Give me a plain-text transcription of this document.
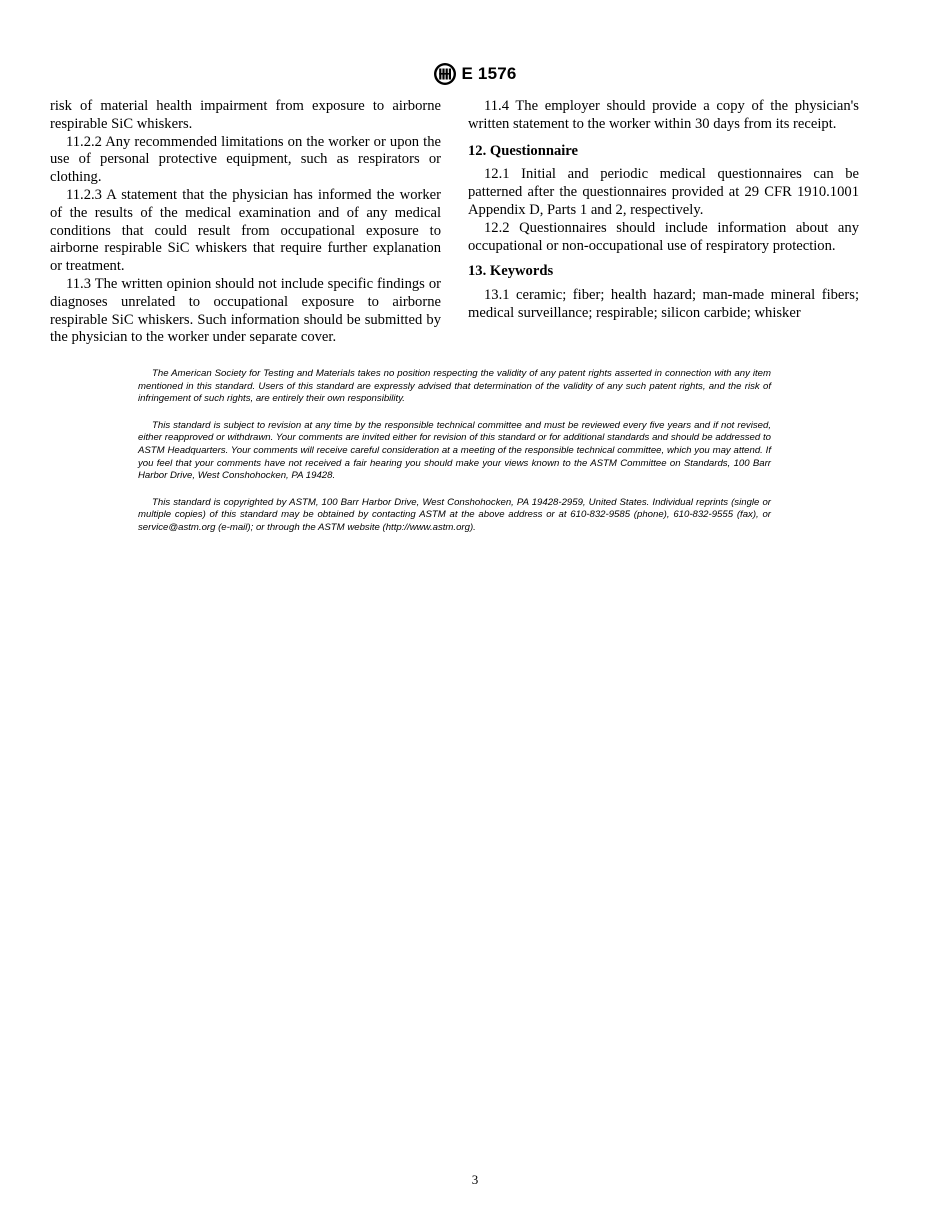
E 1576

risk of material health impairment from exposure to airborne respirable SiC whiskers.

11.2.2 Any recommended limitations on the worker or upon the use of personal protective equipment, such as respirators or clothing.

11.2.3 A statement that the physician has informed the worker of the results of the medical examination and of any medical conditions that could result from occupational exposure to airborne respirable SiC whiskers that require further explanation or treatment.

11.3 The written opinion should not include specific findings or diagnoses unrelated to occupational exposure to airborne respirable SiC whiskers. Such information should be submitted by the physician to the worker under separate cover.

11.4 The employer should provide a copy of the physician's written statement to the worker within 30 days from its receipt.

12. Questionnaire

12.1 Initial and periodic medical questionnaires can be patterned after the questionnaires provided at 29 CFR 1910.1001 Appendix D, Parts 1 and 2, respectively.

12.2 Questionnaires should include information about any occupational or non-occupational use of respiratory protection.

13. Keywords

13.1 ceramic; fiber; health hazard; man-made mineral fibers; medical surveillance; respirable; silicon carbide; whisker

The American Society for Testing and Materials takes no position respecting the validity of any patent rights asserted in connection with any item mentioned in this standard. Users of this standard are expressly advised that determination of the validity of any such patent rights, and the risk of infringement of such rights, are entirely their own responsibility.

This standard is subject to revision at any time by the responsible technical committee and must be reviewed every five years and if not revised, either reapproved or withdrawn. Your comments are invited either for revision of this standard or for additional standards and should be addressed to ASTM Headquarters. Your comments will receive careful consideration at a meeting of the responsible technical committee, which you may attend. If you feel that your comments have not received a fair hearing you should make your views known to the ASTM Committee on Standards, 100 Barr Harbor Drive, West Conshohocken, PA 19428.

This standard is copyrighted by ASTM, 100 Barr Harbor Drive, West Conshohocken, PA 19428-2959, United States. Individual reprints (single or multiple copies) of this standard may be obtained by contacting ASTM at the above address or at 610-832-9585 (phone), 610-832-9555 (fax), or service@astm.org (e-mail); or through the ASTM website (http://www.astm.org).

3
